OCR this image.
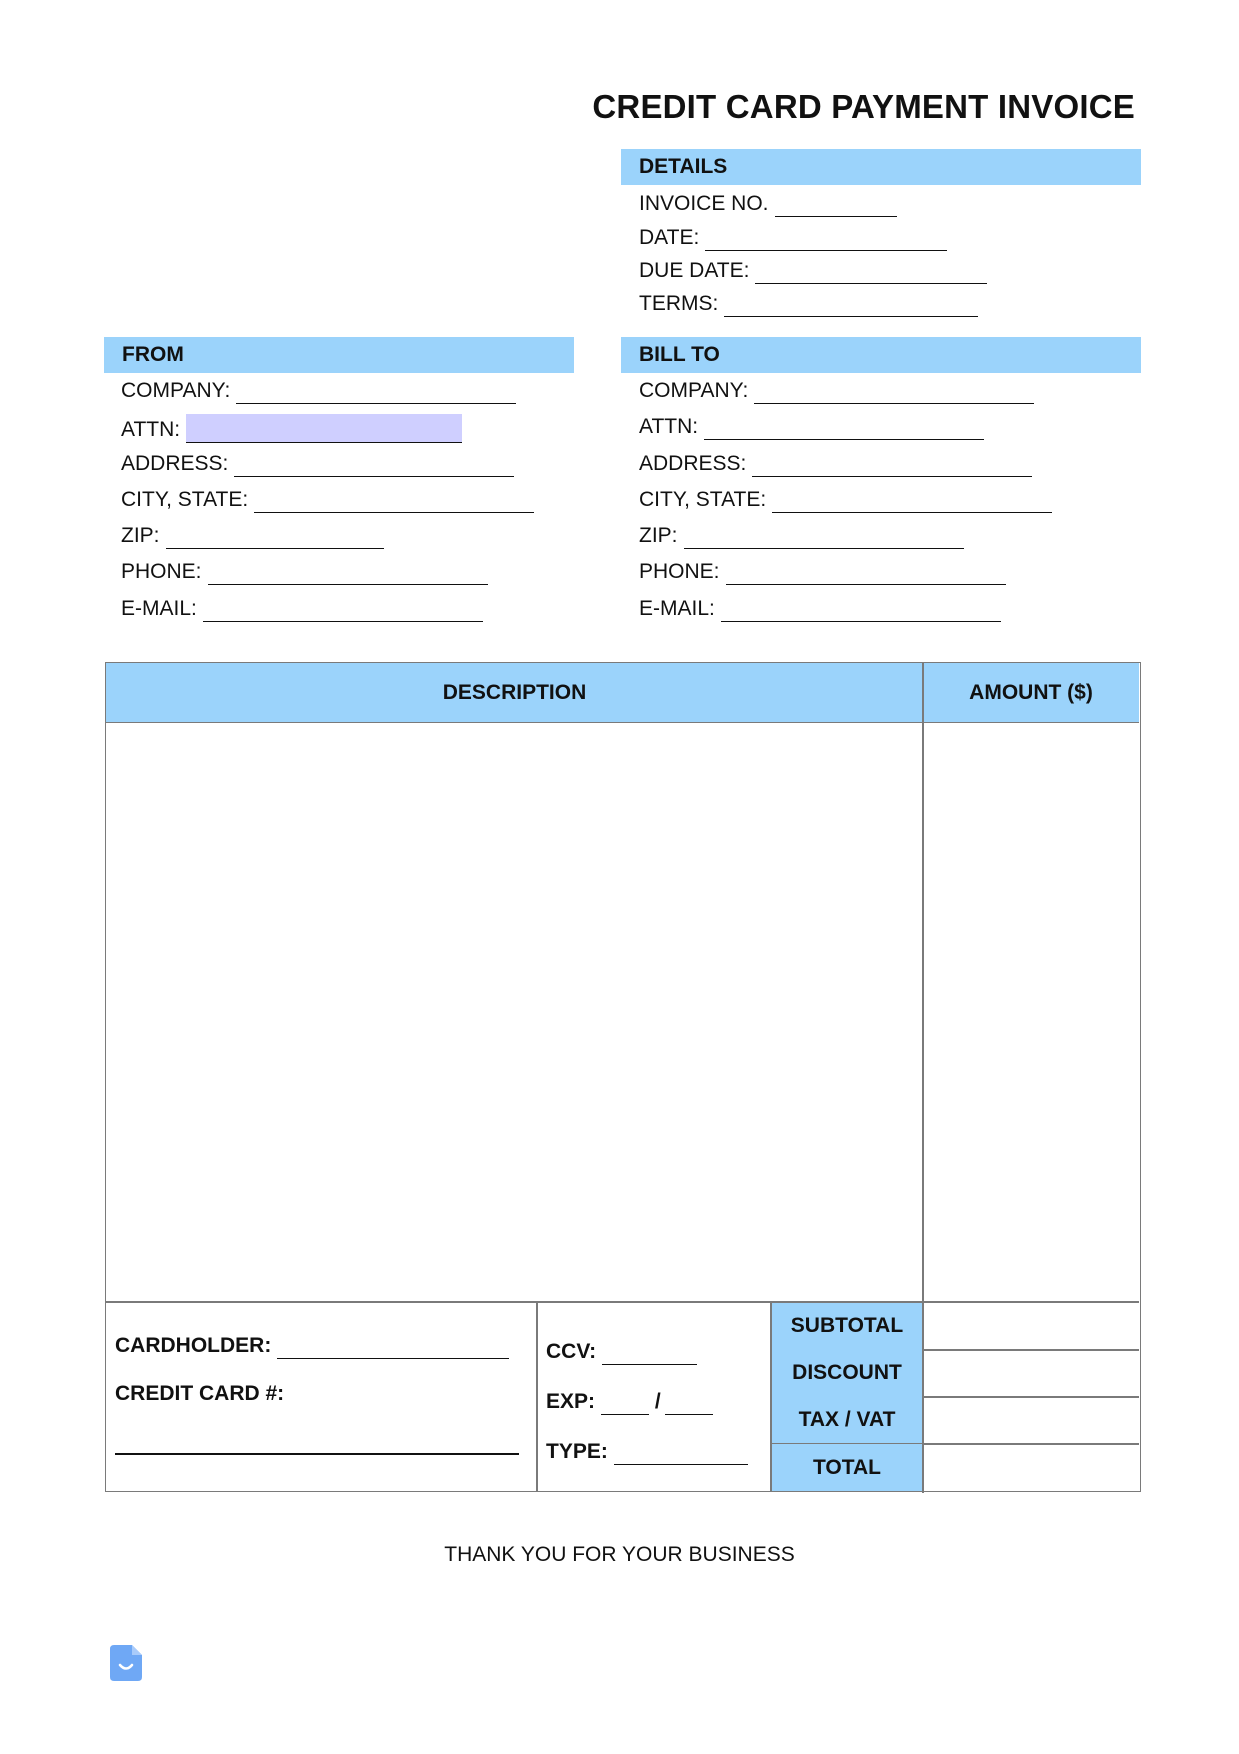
CREDIT CARD PAYMENT INVOICE
DETAILS
INVOICE NO.
DATE:
DUE DATE:
TERMS:
FROM
COMPANY:
ATTN:
ADDRESS:
CITY, STATE:
ZIP:
PHONE:
E-MAIL:
BILL TO
COMPANY:
ATTN:
ADDRESS:
CITY, STATE:
ZIP:
PHONE:
E-MAIL:
DESCRIPTION	AMOUNT ($)
CARDHOLDER:
CREDIT CARD #:
CCV:
EXP:	/
TYPE:
SUBTOTAL
DISCOUNT
TAX / VAT
TOTAL
THANK YOU FOR YOUR BUSINESS
